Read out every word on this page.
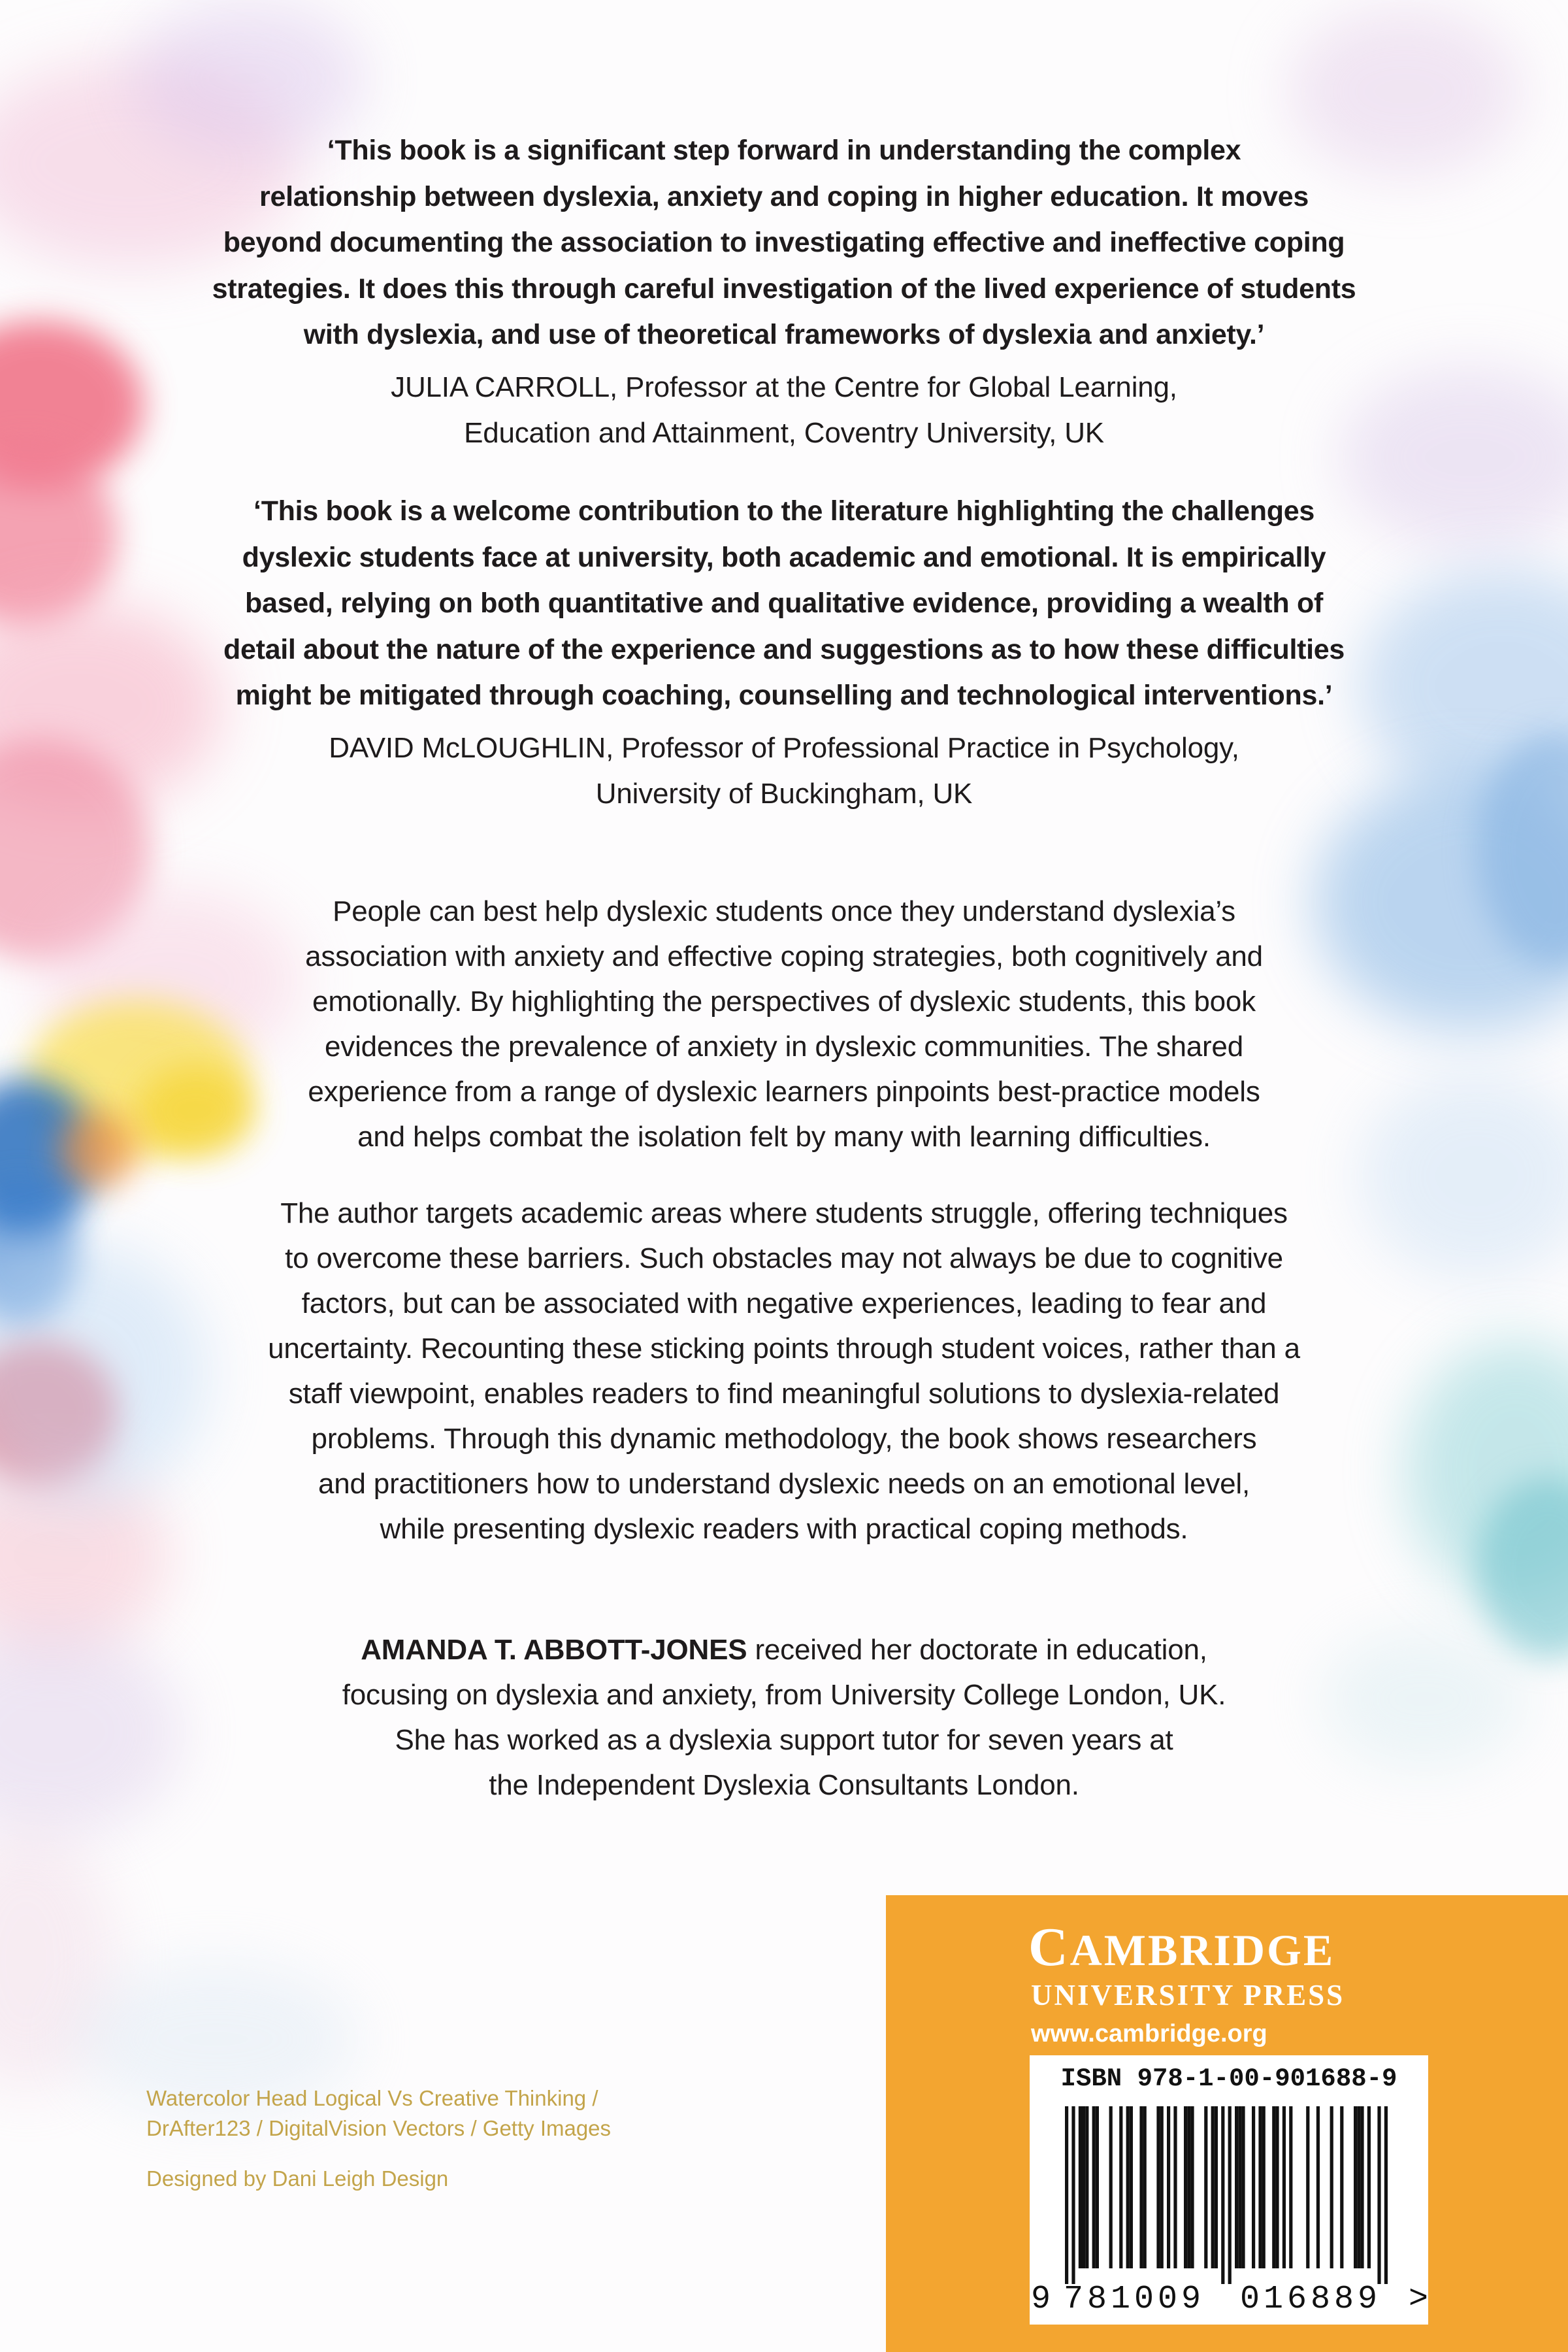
‘This book is a significant step forward in understanding the complex
relationship between dyslexia, anxiety and coping in higher education. It moves
beyond documenting the association to investigating effective and ineffective coping
strategies. It does this through careful investigation of the lived experience of students
with dyslexia, and use of theoretical frameworks of dyslexia and anxiety.’
JULIA CARROLL, Professor at the Centre for Global Learning,
Education and Attainment, Coventry University, UK
‘This book is a welcome contribution to the literature highlighting the challenges
dyslexic students face at university, both academic and emotional. It is empirically
based, relying on both quantitative and qualitative evidence, providing a wealth of
detail about the nature of the experience and suggestions as to how these difficulties
might be mitigated through coaching, counselling and technological interventions.’
DAVID McLOUGHLIN, Professor of Professional Practice in Psychology,
University of Buckingham, UK
People can best help dyslexic students once they understand dyslexia’s
association with anxiety and effective coping strategies, both cognitively and
emotionally. By highlighting the perspectives of dyslexic students, this book
evidences the prevalence of anxiety in dyslexic communities. The shared
experience from a range of dyslexic learners pinpoints best-practice models
and helps combat the isolation felt by many with learning difficulties.
The author targets academic areas where students struggle, offering techniques
to overcome these barriers. Such obstacles may not always be due to cognitive
factors, but can be associated with negative experiences, leading to fear and
uncertainty. Recounting these sticking points through student voices, rather than a
staff viewpoint, enables readers to find meaningful solutions to dyslexia-related
problems. Through this dynamic methodology, the book shows researchers
and practitioners how to understand dyslexic needs on an emotional level,
while presenting dyslexic readers with practical coping methods.
AMANDA T. ABBOTT-JONES received her doctorate in education,
focusing on dyslexia and anxiety, from University College London, UK.
She has worked as a dyslexia support tutor for seven years at
the Independent Dyslexia Consultants London.
Watercolor Head Logical Vs Creative Thinking /
DrAfter123 / DigitalVision Vectors / Getty Images
Designed by Dani Leigh Design
CAMBRIDGE
UNIVERSITY PRESS
www.cambridge.org
ISBN 978-1-00-901688-9
9 781009 016889 >
